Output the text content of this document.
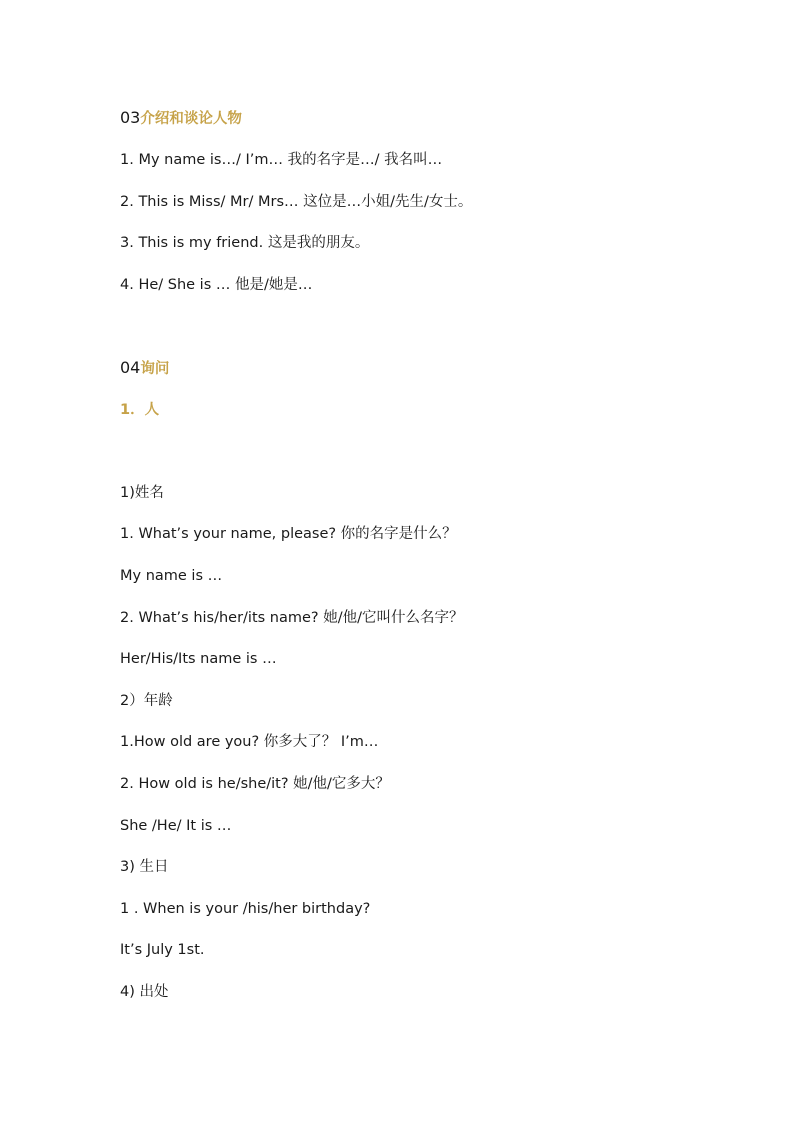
03介绍和谈论人物
1. My name is…/ I’m… 我的名字是…/ 我名叫…
2. This is Miss/ Mr/ Mrs… 这位是…小姐/先生/女士。
3. This is my friend. 这是我的朋友。
4. He/ She is … 他是/她是…
04询问
1．人
1)姓名
1. What’s your name, please? 你的名字是什么？
My name is …
2. What’s his/her/its name? 她/他/它叫什么名字？
Her/His/Its name is …
2）年龄
1.How old are you? 你多大了？ I’m…
2. How old is he/she/it? 她/他/它多大？
She /He/ It is …
3) 生日
1 . When is your /his/her birthday?
It’s July 1st.
4) 出处
